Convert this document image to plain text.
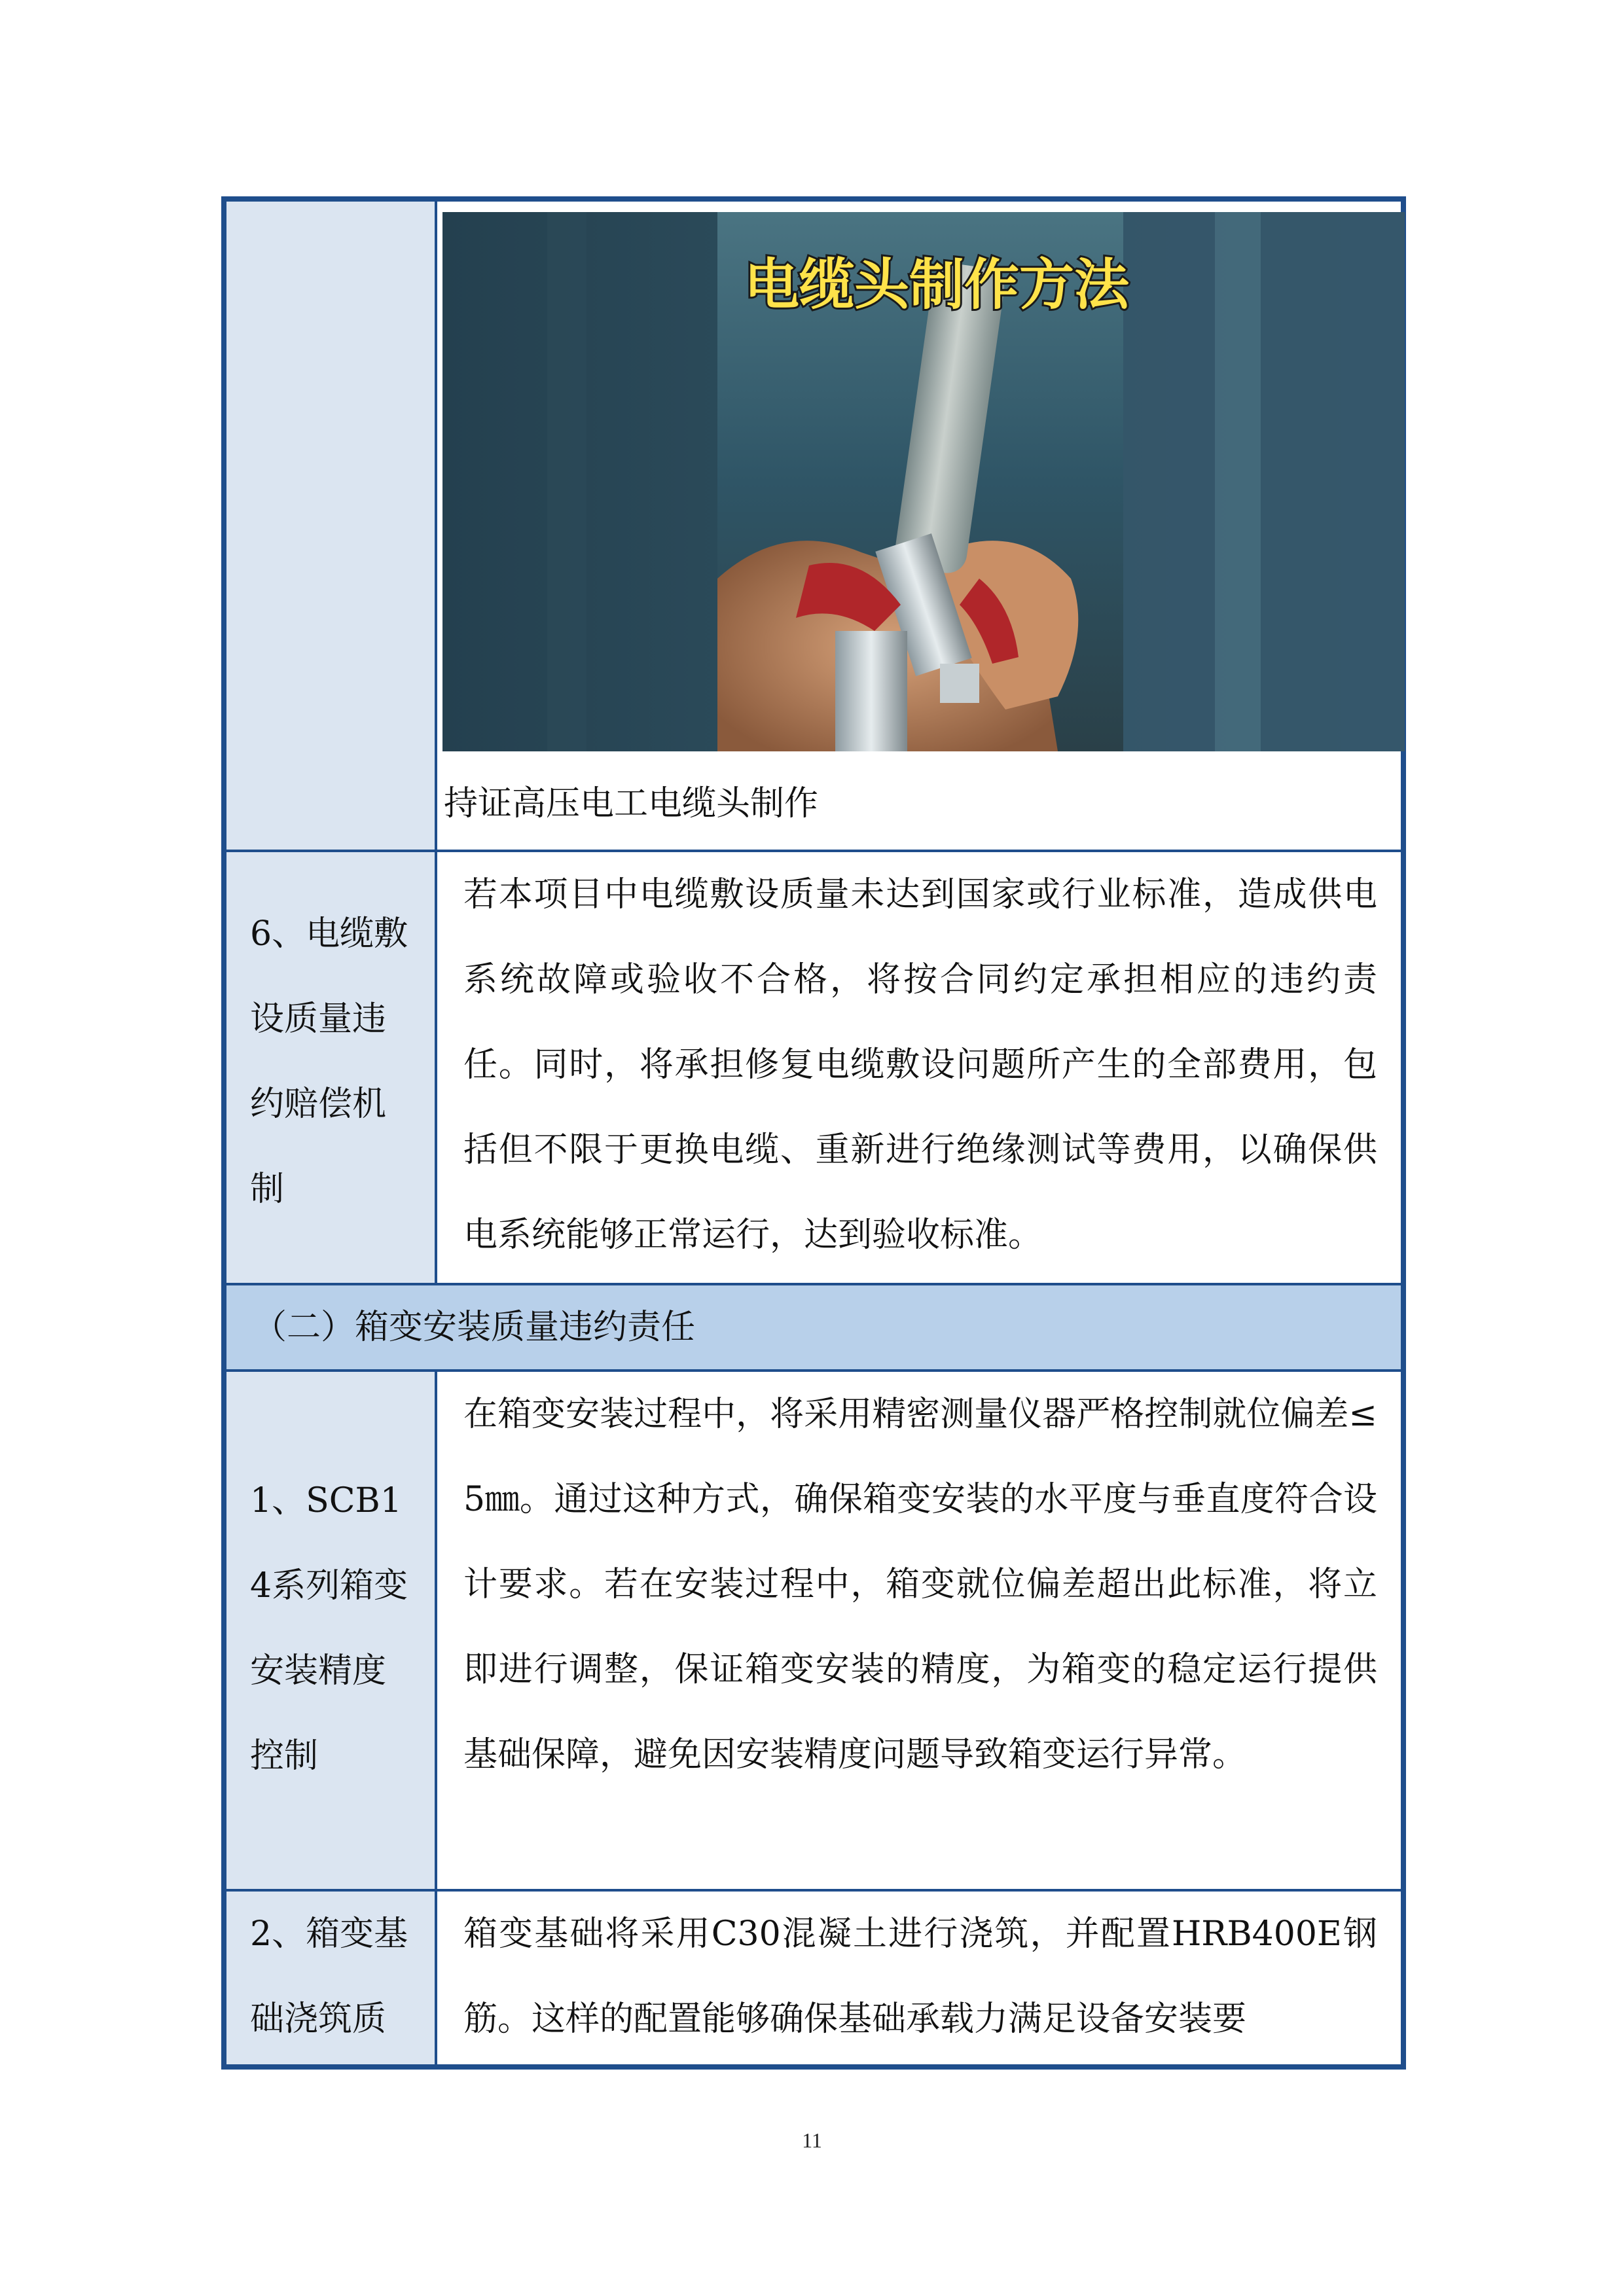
电缆头制作方法
持证高压电工电缆头制作
6、电缆敷设质量违约赔偿机制
若本项目中电缆敷设质量未达到国家或行业标准，造成供电系统故障或验收不合格，将按合同约定承担相应的违约责任。同时，将承担修复电缆敷设问题所产生的全部费用，包括但不限于更换电缆、重新进行绝缘测试等费用，以确保供电系统能够正常运行，达到验收标准。
（二）箱变安装质量违约责任
1、SCB14系列箱变安装精度控制
在箱变安装过程中，将采用精密测量仪器严格控制就位偏差≤5㎜。通过这种方式，确保箱变安装的水平度与垂直度符合设计要求。若在安装过程中，箱变就位偏差超出此标准，将立即进行调整，保证箱变安装的精度，为箱变的稳定运行提供基础保障，避免因安装精度问题导致箱变运行异常。
2、箱变基础浇筑质
箱变基础将采用C30混凝土进行浇筑，并配置HRB400E钢筋。这样的配置能够确保基础承载力满足设备安装要
11
